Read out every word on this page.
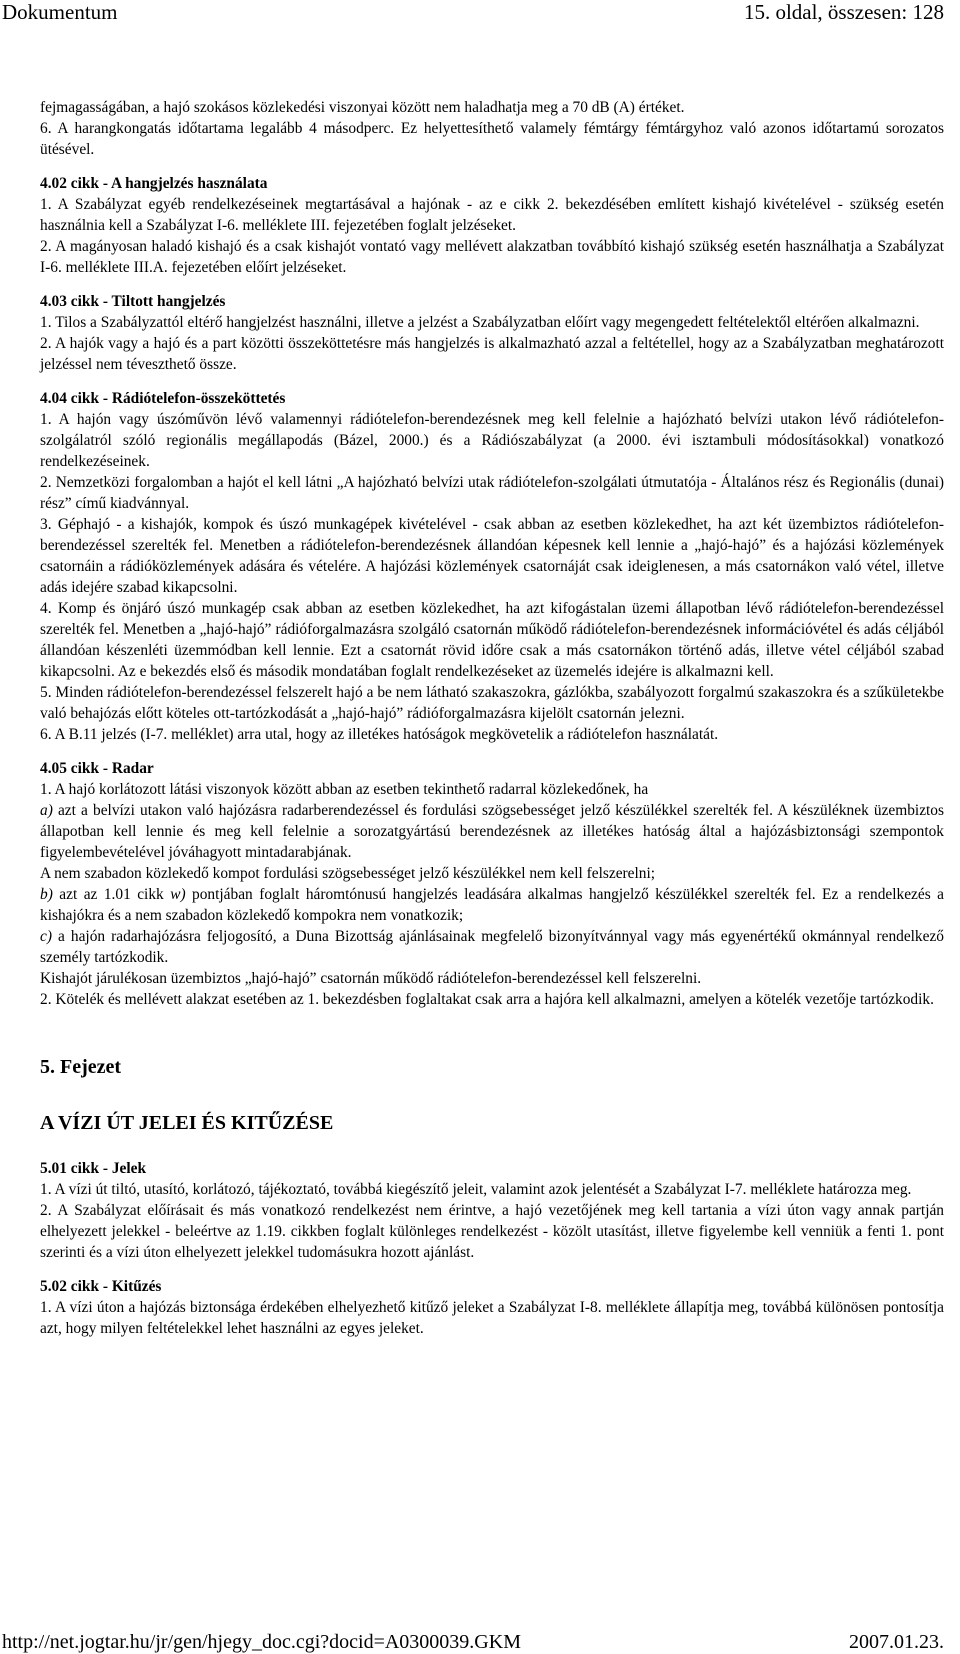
Dokumentum	15. oldal, összesen: 128

fejmagasságában, a hajó szokásos közlekedési viszonyai között nem haladhatja meg a 70 dB (A) értéket.

6. A harangkongatás időtartama legalább 4 másodperc. Ez helyettesíthető valamely fémtárgy fémtárgyhoz való azonos időtartamú sorozatos ütésével.

4.02 cikk - A hangjelzés használata

1. A Szabályzat egyéb rendelkezéseinek megtartásával a hajónak - az e cikk 2. bekezdésében említett kishajó kivételével - szükség esetén használnia kell a Szabályzat I-6. melléklete III. fejezetében foglalt jelzéseket.

2. A magányosan haladó kishajó és a csak kishajót vontató vagy mellévett alakzatban továbbító kishajó szükség esetén használhatja a Szabályzat I-6. melléklete III.A. fejezetében előírt jelzéseket.

4.03 cikk - Tiltott hangjelzés

1. Tilos a Szabályzattól eltérő hangjelzést használni, illetve a jelzést a Szabályzatban előírt vagy megengedett feltételektől eltérően alkalmazni.

2. A hajók vagy a hajó és a part közötti összeköttetésre más hangjelzés is alkalmazható azzal a feltétellel, hogy az a Szabályzatban meghatározott jelzéssel nem téveszthető össze.

4.04 cikk - Rádiótelefon-összeköttetés

1. A hajón vagy úszóművön lévő valamennyi rádiótelefon-berendezésnek meg kell felelnie a hajózható belvízi utakon lévő rádiótelefon-szolgálatról szóló regionális megállapodás (Bázel, 2000.) és a Rádiószabályzat (a 2000. évi isztambuli módosításokkal) vonatkozó rendelkezéseinek.

2. Nemzetközi forgalomban a hajót el kell látni „A hajózható belvízi utak rádiótelefon-szolgálati útmutatója - Általános rész és Regionális (dunai) rész” című kiadvánnyal.

3. Géphajó - a kishajók, kompok és úszó munkagépek kivételével - csak abban az esetben közlekedhet, ha azt két üzembiztos rádiótelefon-berendezéssel szerelték fel. Menetben a rádiótelefon-berendezésnek állandóan képesnek kell lennie a „hajó-hajó” és a hajózási közlemények csatornáin a rádióközlemények adására és vételére. A hajózási közlemények csatornáját csak ideiglenesen, a más csatornákon való vétel, illetve adás idejére szabad kikapcsolni.

4. Komp és önjáró úszó munkagép csak abban az esetben közlekedhet, ha azt kifogástalan üzemi állapotban lévő rádiótelefon-berendezéssel szerelték fel. Menetben a „hajó-hajó” rádióforgalmazásra szolgáló csatornán működő rádiótelefon-berendezésnek információvétel és adás céljából állandóan készenléti üzemmódban kell lennie. Ezt a csatornát rövid időre csak a más csatornákon történő adás, illetve vétel céljából szabad kikapcsolni. Az e bekezdés első és második mondatában foglalt rendelkezéseket az üzemelés idejére is alkalmazni kell.

5. Minden rádiótelefon-berendezéssel felszerelt hajó a be nem látható szakaszokra, gázlókba, szabályozott forgalmú szakaszokra és a szűkületekbe való behajózás előtt köteles ott-tartózkodását a „hajó-hajó” rádióforgalmazásra kijelölt csatornán jelezni.

6. A B.11 jelzés (I-7. melléklet) arra utal, hogy az illetékes hatóságok megkövetelik a rádiótelefon használatát.

4.05 cikk - Radar

1. A hajó korlátozott látási viszonyok között abban az esetben tekinthető radarral közlekedőnek, ha

a) azt a belvízi utakon való hajózásra radarberendezéssel és fordulási szögsebességet jelző készülékkel szerelték fel. A készüléknek üzembiztos állapotban kell lennie és meg kell felelnie a sorozatgyártású berendezésnek az illetékes hatóság által a hajózásbiztonsági szempontok figyelembevételével jóváhagyott mintadarabjának.

A nem szabadon közlekedő kompot fordulási szögsebességet jelző készülékkel nem kell felszerelni;

b) azt az 1.01 cikk w) pontjában foglalt háromtónusú hangjelzés leadására alkalmas hangjelző készülékkel szerelték fel. Ez a rendelkezés a kishajókra és a nem szabadon közlekedő kompokra nem vonatkozik;

c) a hajón radarhajózásra feljogosító, a Duna Bizottság ajánlásainak megfelelő bizonyítvánnyal vagy más egyenértékű okmánnyal rendelkező személy tartózkodik.

Kishajót járulékosan üzembiztos „hajó-hajó” csatornán működő rádiótelefon-berendezéssel kell felszerelni.

2. Kötelék és mellévett alakzat esetében az 1. bekezdésben foglaltakat csak arra a hajóra kell alkalmazni, amelyen a kötelék vezetője tartózkodik.

5. Fejezet

A VÍZI ÚT JELEI ÉS KITŰZÉSE

5.01 cikk - Jelek

1. A vízi út tiltó, utasító, korlátozó, tájékoztató, továbbá kiegészítő jeleit, valamint azok jelentését a Szabályzat I-7. melléklete határozza meg.

2. A Szabályzat előírásait és más vonatkozó rendelkezést nem érintve, a hajó vezetőjének meg kell tartania a vízi úton vagy annak partján elhelyezett jelekkel - beleértve az 1.19. cikkben foglalt különleges rendelkezést - közölt utasítást, illetve figyelembe kell venniük a fenti 1. pont szerinti és a vízi úton elhelyezett jelekkel tudomásukra hozott ajánlást.

5.02 cikk - Kitűzés

1. A vízi úton a hajózás biztonsága érdekében elhelyezhető kitűző jeleket a Szabályzat I-8. melléklete állapítja meg, továbbá különösen pontosítja azt, hogy milyen feltételekkel lehet használni az egyes jeleket.

http://net.jogtar.hu/jr/gen/hjegy_doc.cgi?docid=A0300039.GKM	2007.01.23.
